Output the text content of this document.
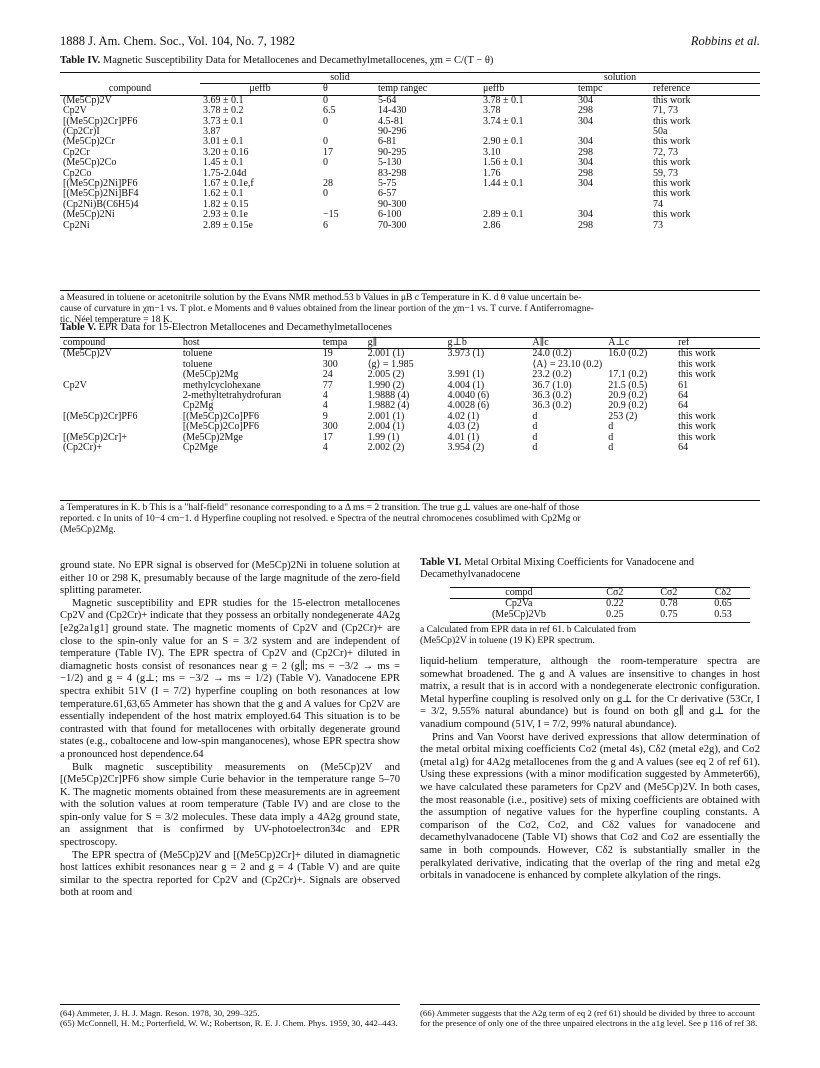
1888 J. Am. Chem. Soc., Vol. 104, No. 7, 1982	Robbins et al.
Table IV. Magnetic Susceptibility Data for Metallocenes and Decamethylmetallocenes, χm = C/(T − θ)
	solid			solution		
compound	μeffb	θ	temp rangec	μeffb	tempc	reference
(Me5Cp)2V	3.69 ± 0.1	0	5-64	3.78 ± 0.1	304	this work
Cp2V	3.78 ± 0.2	6.5	14-430	3.78	298	71, 73
[(Me5Cp)2Cr]PF6	3.73 ± 0.1	0	4.5-81	3.74 ± 0.1	304	this work
(Cp2Cr)I	3.87		90-296			50a
(Me5Cp)2Cr	3.01 ± 0.1	0	6-81	2.90 ± 0.1	304	this work
Cp2Cr	3.20 ± 0.16	17	90-295	3.10	298	72, 73
(Me5Cp)2Co	1.45 ± 0.1	0	5-130	1.56 ± 0.1	304	this work
Cp2Co	1.75-2.04d		83-298	1.76	298	59, 73
[(Me5Cp)2Ni]PF6	1.67 ± 0.1e,f	28	5-75	1.44 ± 0.1	304	this work
[(Me5Cp)2Ni]BF4	1.62 ± 0.1	0	6-57			this work
(Cp2Ni)B(C6H5)4	1.82 ± 0.15		90-300			74
(Me5Cp)2Ni	2.93 ± 0.1e	−15	6-100	2.89 ± 0.1	304	this work
Cp2Ni	2.89 ± 0.15e	6	70-300	2.86	298	73
a Measured in toluene or acetonitrile solution by the Evans NMR method.53 b Values in μB c Temperature in K. d θ value uncertain be-
cause of curvature in χm−1 vs. T plot. e Moments and θ values obtained from the linear portion of the χm−1 vs. T curve. f Antiferromagne-
tic. Néel temperature = 18 K.
Table V. EPR Data for 15-Electron Metallocenes and Decamethylmetallocenes
compound	host	tempa	g∥	g⊥b	A∥c	A⊥c	ref
(Me5Cp)2V	toluene	19	2.001 (1)	3.973 (1)	24.0 (0.2)	16.0 (0.2)	this work
	toluene	300	⟨g⟩ = 1.985		⟨A⟩ = 23.10 (0.2)		this work
	(Me5Cp)2Mg	24	2.005 (2)	3.991 (1)	23.2 (0.2)	17.1 (0.2)	this work
Cp2V	methylcyclohexane	77	1.990 (2)	4.004 (1)	36.7 (1.0)	21.5 (0.5)	61
	2-methyltetrahydrofuran	4	1.9888 (4)	4.0040 (6)	36.3 (0.2)	20.9 (0.2)	64
	Cp2Mg	4	1.9882 (4)	4.0028 (6)	36.3 (0.2)	20.9 (0.2)	64
[(Me5Cp)2Cr]PF6	[(Me5Cp)2Co]PF6	9	2.001 (1)	4.02 (1)	d	253 (2)	this work
	[(Me5Cp)2Co]PF6	300	2.004 (1)	4.03 (2)	d	d	this work
[(Me5Cp)2Cr]+	(Me5Cp)2Mge	17	1.99 (1)	4.01 (1)	d	d	this work
(Cp2Cr)+	Cp2Mge	4	2.002 (2)	3.954 (2)	d	d	64
a Temperatures in K. b This is a "half-field" resonance corresponding to a Δ ms = 2 transition. The true g⊥ values are one-half of those
reported. c In units of 10−4 cm−1. d Hyperfine coupling not resolved. e Spectra of the neutral chromocenes cosublimed with Cp2Mg or
(Me5Cp)2Mg.

ground state. No EPR signal is observed for (Me5Cp)2Ni in toluene solution at either 10 or 298 K, presumably because of the large magnitude of the zero-field splitting parameter.

Magnetic susceptibility and EPR studies for the 15-electron metallocenes Cp2V and (Cp2Cr)+ indicate that they possess an orbitally nondegenerate 4A2g [e2g2a1g1] ground state. The magnetic moments of Cp2V and (Cp2Cr)+ are close to the spin-only value for an S = 3/2 system and are independent of temperature (Table IV). The EPR spectra of Cp2V and (Cp2Cr)+ diluted in diamagnetic hosts consist of resonances near g = 2 (g∥; ms = −3/2 → ms = −1/2) and g = 4 (g⊥; ms = −3/2 → ms = 1/2) (Table V). Vanadocene EPR spectra exhibit 51V (I = 7/2) hyperfine coupling on both resonances at low temperature.61,63,65 Ammeter has shown that the g and A values for Cp2V are essentially independent of the host matrix employed.64 This situation is to be contrasted with that found for metallocenes with orbitally degenerate ground states (e.g., cobaltocene and low-spin manganocenes), whose EPR spectra show a pronounced host dependence.64

Bulk magnetic susceptibility measurements on (Me5Cp)2V and [(Me5Cp)2Cr]PF6 show simple Curie behavior in the temperature range 5–70 K. The magnetic moments obtained from these measurements are in agreement with the solution values at room temperature (Table IV) and are close to the spin-only value for S = 3/2 molecules. These data imply a 4A2g ground state, an assignment that is confirmed by UV-photoelectron34c and EPR spectroscopy.

The EPR spectra of (Me5Cp)2V and [(Me5Cp)2Cr]+ diluted in diamagnetic host lattices exhibit resonances near g = 2 and g = 4 (Table V) and are quite similar to the spectra reported for Cp2V and (Cp2Cr)+. Signals are observed both at room and

Table VI. Metal Orbital Mixing Coefficients for Vanadocene and
Decamethylvanadocene
compd	Cσ2	Cσ2	Cδ2
Cp2Va	0.22	0.78	0.65
(Me5Cp)2Vb	0.25	0.75	0.53
a Calculated from EPR data in ref 61. b Calculated from
(Me5Cp)2V in toluene (19 K) EPR spectrum.

liquid-helium temperature, although the room-temperature spectra are somewhat broadened. The g and A values are insensitive to changes in host matrix, a result that is in accord with a nondegenerate electronic configuration. Metal hyperfine coupling is resolved only on g⊥ for the Cr derivative (53Cr, I = 3/2, 9.55% natural abundance) but is found on both g∥ and g⊥ for the vanadium compound (51V, I = 7/2, 99% natural abundance).

Prins and Van Voorst have derived expressions that allow determination of the metal orbital mixing coefficients Cσ2 (metal 4s), Cδ2 (metal e2g), and Cσ2 (metal a1g) for 4A2g metallocenes from the g and A values (see eq 2 of ref 61). Using these expressions (with a minor modification suggested by Ammeter66), we have calculated these parameters for Cp2V and (Me5Cp)2V. In both cases, the most reasonable (i.e., positive) sets of mixing coefficients are obtained with the assumption of negative values for the hyperfine coupling constants. A comparison of the Cσ2, Cσ2, and Cδ2 values for vanadocene and decamethylvanadocene (Table VI) shows that Cσ2 and Cσ2 are essentially the same in both compounds. However, Cδ2 is substantially smaller in the peralkylated derivative, indicating that the overlap of the ring and metal e2g orbitals in vanadocene is enhanced by complete alkylation of the rings.

(64) Ammeter, J. H. J. Magn. Reson. 1978, 30, 299–325.
(65) McConnell, H. M.; Porterfield, W. W.; Robertson, R. E. J. Chem. Phys. 1959, 30, 442–443.
(66) Ammeter suggests that the A2g term of eq 2 (ref 61) should be divided by three to account for the presence of only one of the three unpaired electrons in the a1g level. See p 116 of ref 38.
